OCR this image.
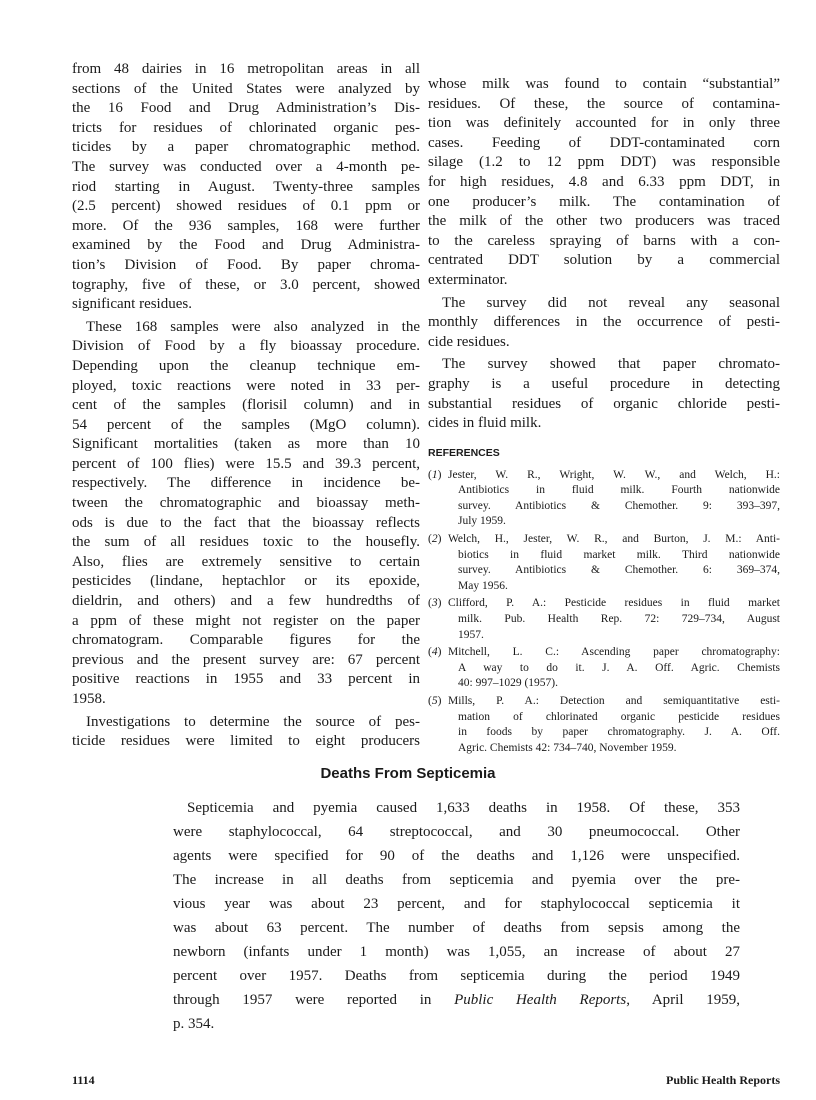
from 48 dairies in 16 metropolitan areas in all
sections of the United States were analyzed by
the 16 Food and Drug Administration’s Dis-
tricts for residues of chlorinated organic pes-
ticides by a paper chromatographic method.
The survey was conducted over a 4-month pe-
riod starting in August. Twenty-three samples
(2.5 percent) showed residues of 0.1 ppm or
more. Of the 936 samples, 168 were further
examined by the Food and Drug Administra-
tion’s Division of Food. By paper chroma-
tography, five of these, or 3.0 percent, showed
significant residues.
These 168 samples were also analyzed in the
Division of Food by a fly bioassay procedure.
Depending upon the cleanup technique em-
ployed, toxic reactions were noted in 33 per-
cent of the samples (florisil column) and in
54 percent of the samples (MgO column).
Significant mortalities (taken as more than 10
percent of 100 flies) were 15.5 and 39.3 percent,
respectively. The difference in incidence be-
tween the chromatographic and bioassay meth-
ods is due to the fact that the bioassay reflects
the sum of all residues toxic to the housefly.
Also, flies are extremely sensitive to certain
pesticides (lindane, heptachlor or its epoxide,
dieldrin, and others) and a few hundredths of
a ppm of these might not register on the paper
chromatogram. Comparable figures for the
previous and the present survey are: 67 percent
positive reactions in 1955 and 33 percent in
1958.
Investigations to determine the source of pes-
ticide residues were limited to eight producers
whose milk was found to contain “substantial”
residues. Of these, the source of contamina-
tion was definitely accounted for in only three
cases. Feeding of DDT-contaminated corn
silage (1.2 to 12 ppm DDT) was responsible
for high residues, 4.8 and 6.33 ppm DDT, in
one producer’s milk. The contamination of
the milk of the other two producers was traced
to the careless spraying of barns with a con-
centrated DDT solution by a commercial
exterminator.
The survey did not reveal any seasonal
monthly differences in the occurrence of pesti-
cide residues.
The survey showed that paper chromato-
graphy is a useful procedure in detecting
substantial residues of organic chloride pesti-
cides in fluid milk.
REFERENCES
(1) Jester, W. R., Wright, W. W., and Welch, H.:
Antibiotics in fluid milk. Fourth nationwide
survey. Antibiotics & Chemother. 9: 393–397,
July 1959.
(2) Welch, H., Jester, W. R., and Burton, J. M.: Anti-
biotics in fluid market milk. Third nationwide
survey. Antibiotics & Chemother. 6: 369–374,
May 1956.
(3) Clifford, P. A.: Pesticide residues in fluid market
milk. Pub. Health Rep. 72: 729–734, August
1957.
(4) Mitchell, L. C.: Ascending paper chromatography:
A way to do it. J. A. Off. Agric. Chemists
40: 997–1029 (1957).
(5) Mills, P. A.: Detection and semiquantitative esti-
mation of chlorinated organic pesticide residues
in foods by paper chromatography. J. A. Off.
Agric. Chemists 42: 734–740, November 1959.
Deaths From Septicemia
Septicemia and pyemia caused 1,633 deaths in 1958. Of these, 353
were staphylococcal, 64 streptococcal, and 30 pneumococcal. Other
agents were specified for 90 of the deaths and 1,126 were unspecified.
The increase in all deaths from septicemia and pyemia over the pre-
vious year was about 23 percent, and for staphylococcal septicemia it
was about 63 percent. The number of deaths from sepsis among the
newborn (infants under 1 month) was 1,055, an increase of about 27
percent over 1957. Deaths from septicemia during the period 1949
through 1957 were reported in Public Health Reports, April 1959,
p. 354.
1114	Public Health Reports
